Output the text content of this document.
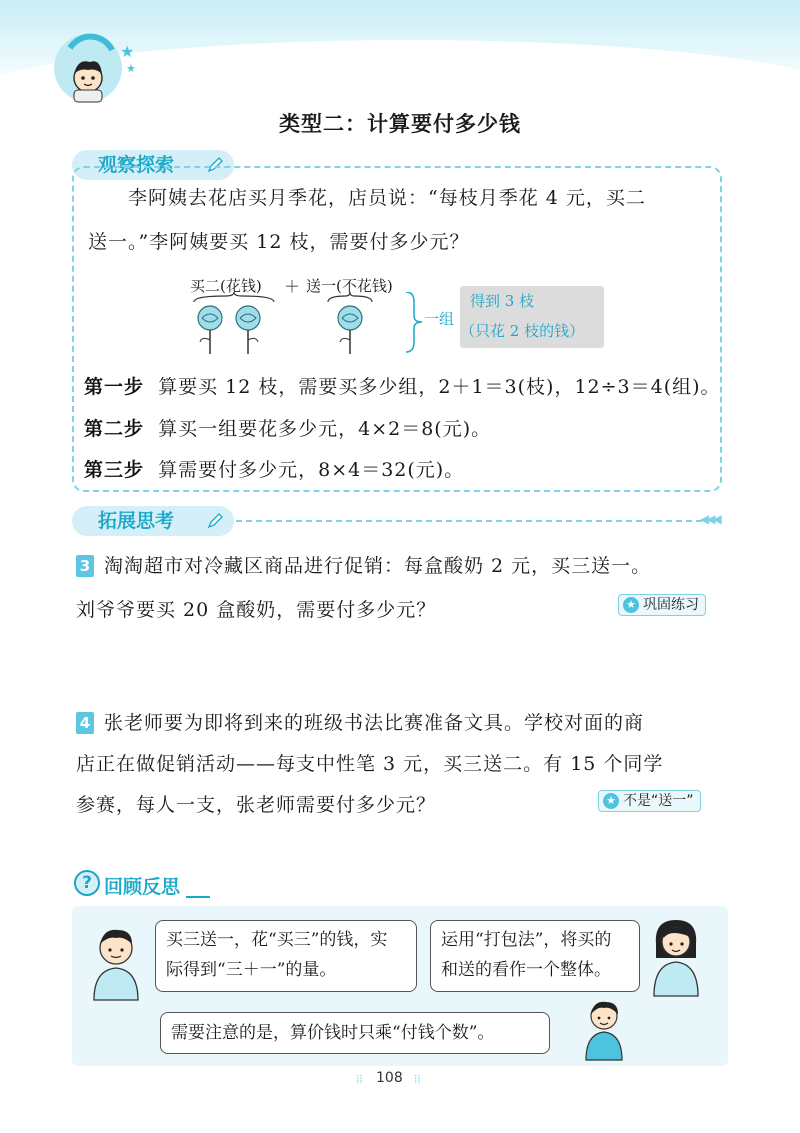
★
★
类型二：计算要付多少钱
观察探索
李阿姨去花店买月季花，店员说：“每枝月季花 4 元，买二
送一。”李阿姨要买 12 枝，需要付多少元？
买二(花钱) ＋ 送一(不花钱)
一组
得到 3 枝
（只花 2 枝的钱）
第一步 算要买 12 枝，需要买多少组，2＋1＝3(枝)，12÷3＝4(组)。
第二步 算买一组要花多少元，4×2＝8(元)。
第三步 算需要付多少元，8×4＝32(元)。
拓展思考	◀◀◀
3 淘淘超市对冷藏区商品进行促销：每盒酸奶 2 元，买三送一。
刘爷爷要买 20 盒酸奶，需要付多少元？	★ 巩固练习
4 张老师要为即将到来的班级书法比赛准备文具。学校对面的商
店正在做促销活动——每支中性笔 3 元，买三送二。有 15 个同学
参赛，每人一支，张老师需要付多少元？	★ 不是“送一”
? 回顾反思
买三送一，花“买三”的钱，实
际得到“三＋一”的量。
运用“打包法”，将买的
和送的看作一个整体。
需要注意的是，算价钱时只乘“付钱个数”。
⁞⁞ 108 ⁞⁞
